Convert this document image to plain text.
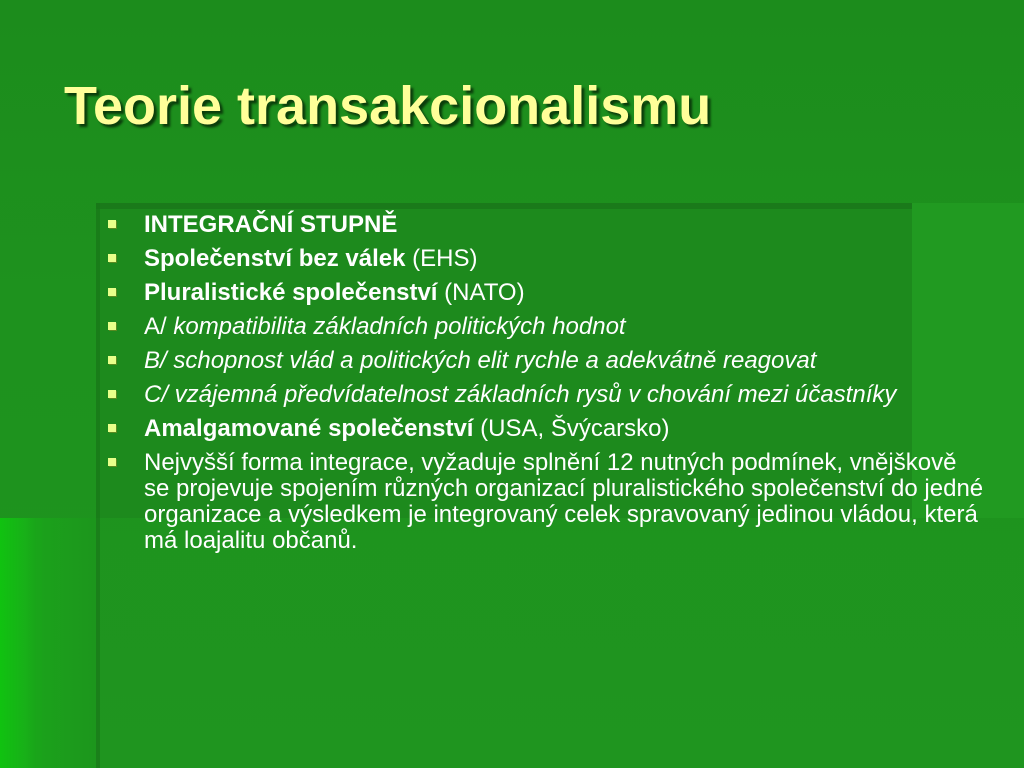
Teorie transakcionalismu
INTEGRAČNÍ STUPNĚ
Společenství bez válek (EHS)
Pluralistické společenství (NATO)
A/ kompatibilita základních politických hodnot
B/ schopnost vlád a politických elit rychle a adekvátně reagovat
C/ vzájemná předvídatelnost základních rysů v chování mezi účastníky
Amalgamované společenství (USA, Švýcarsko)
Nejvyšší forma integrace, vyžaduje splnění 12 nutných podmínek, vnějškově se projevuje spojením různých organizací pluralistického společenství do jedné organizace a výsledkem je integrovaný celek spravovaný jedinou vládou, která má loajalitu občanů.
